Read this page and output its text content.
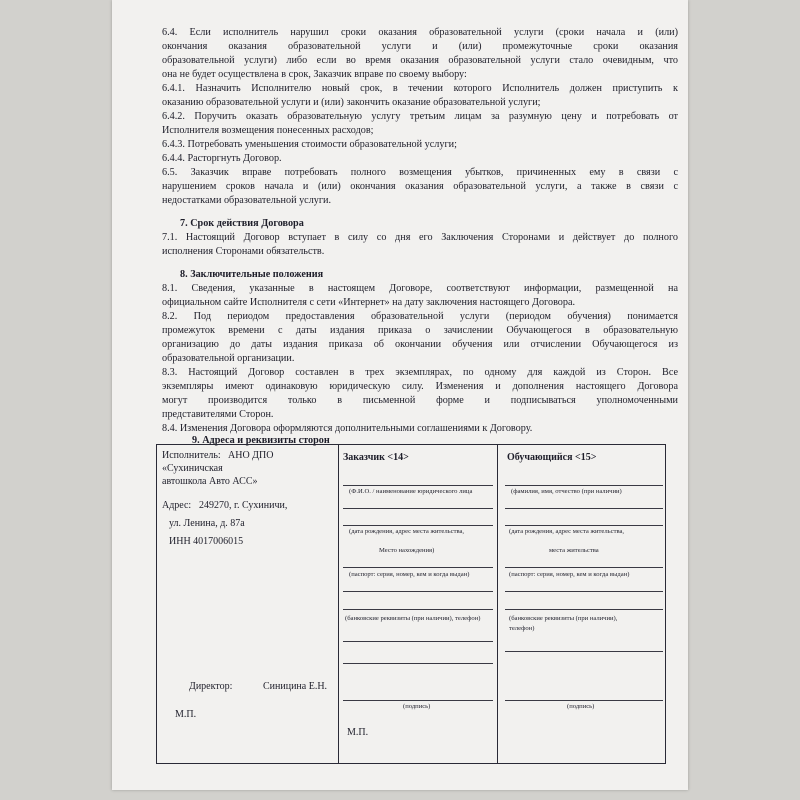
6.4. Если исполнитель нарушил сроки оказания образовательной услуги (сроки начала и (или)

окончания оказания образовательной услуги и (или) промежуточные сроки оказания

образовательной услуги) либо если во время оказания образовательной услуги стало очевидным, что

она не будет осуществлена в срок, Заказчик вправе по своему выбору:

6.4.1. Назначить Исполнителю новый срок, в течении которого Исполнитель должен приступить к

оказанию образовательной услуги и (или) закончить оказание образовательной услуги;

6.4.2. Поручить оказать образовательную услугу третьим лицам за разумную цену и потребовать от

Исполнителя возмещения понесенных расходов;

6.4.3. Потребовать уменьшения стоимости образовательной услуги;

6.4.4. Расторгнуть Договор.

6.5. Заказчик вправе потребовать полного возмещения убытков, причиненных ему в связи с

нарушением сроков начала и (или) окончания оказания образовательной услуги, а также в связи с

недостатками образовательной услуги.

7. Срок действия Договора

7.1. Настоящий Договор вступает в силу со дня его Заключения Сторонами и действует до полного

исполнения Сторонами обязательств.

8. Заключительные положения

8.1. Сведения, указанные в настоящем Договоре, соответствуют информации, размещенной на

официальном сайте Исполнителя с сети «Интернет» на дату заключения настоящего Договора.

8.2. Под периодом предоставления образовательной услуги (периодом обучения) понимается

промежуток времени с даты издания приказа о зачислении Обучающегося в образовательную

организацию до даты издания приказа об окончании обучения или отчислении Обучающегося из

образовательной организации.

8.3. Настоящий Договор составлен в трех экземплярах, по одному для каждой из Сторон. Все

экземпляры имеют одинаковую юридическую силу. Изменения и дополнения настоящего Договора

могут производится только в письменной форме и подписываться уполномоченными

представителями Сторон.

8.4. Изменения Договора оформляются дополнительными соглашениями к Договору.

9. Адреса и реквизиты сторон

Исполнитель: АНО ДПО
«Сухиничская
автошкола Авто АСС»
Адрес: 249270, г. Сухиничи,
ул. Ленина, д. 87а
ИНН 4017006015
Директор:	Синицина Е.Н.
М.П.
Заказчик <14>
(Ф.И.О. / наименование юридического лица
(дата рождения, адрес места жительства,
Место нахождения)
(паспорт: серия, номер, кем и когда выдан)
(банковские реквизиты (при наличии), телефон)
(подпись)
М.П.
Обучающийся <15>
(фамилия, имя, отчество (при наличии)
(дата рождения, адрес места жительства,
места жительства
(паспорт: серия, номер, кем и когда выдан)
(банковские реквизиты (при наличии),
телефон)
(подпись)
